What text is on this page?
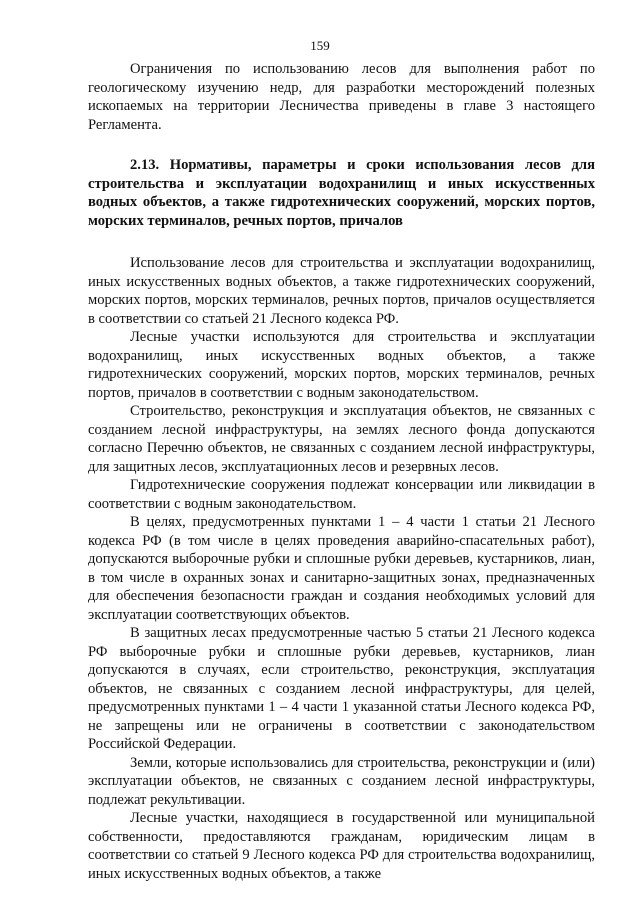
159

Ограничения по использованию лесов для выполнения работ по геологическому изучению недр, для разработки месторождений полезных ископаемых на территории Лесничества приведены в главе 3 настоящего Регламента.

2.13. Нормативы, параметры и сроки использования лесов для строительства и эксплуатации водохранилищ и иных искусственных водных объектов, а также гидротехнических сооружений, морских портов, морских терминалов, речных портов, причалов

Использование лесов для строительства и эксплуатации водохранилищ, иных искусственных водных объектов, а также гидротехнических сооружений, морских портов, морских терминалов, речных портов, причалов осуществляется в соответствии со статьей 21 Лесного кодекса РФ.

Лесные участки используются для строительства и эксплуатации водохранилищ, иных искусственных водных объектов, а также гидротехнических сооружений, морских портов, морских терминалов, речных портов, причалов в соответствии с водным законодательством.

Строительство, реконструкция и эксплуатация объектов, не связанных с созданием лесной инфраструктуры, на землях лесного фонда допускаются согласно Перечню объектов, не связанных с созданием лесной инфраструктуры, для защитных лесов, эксплуатационных лесов и резервных лесов.

Гидротехнические сооружения подлежат консервации или ликвидации в соответствии с водным законодательством.

В целях, предусмотренных пунктами 1 – 4 части 1 статьи 21 Лесного кодекса РФ (в том числе в целях проведения аварийно-спасательных работ), допускаются выборочные рубки и сплошные рубки деревьев, кустарников, лиан, в том числе в охранных зонах и санитарно-защитных зонах, предназначенных для обеспечения безопасности граждан и создания необходимых условий для эксплуатации соответствующих объектов.

В защитных лесах предусмотренные частью 5 статьи 21 Лесного кодекса РФ выборочные рубки и сплошные рубки деревьев, кустарников, лиан допускаются в случаях, если строительство, реконструкция, эксплуатация объектов, не связанных с созданием лесной инфраструктуры, для целей, предусмотренных пунктами 1 – 4 части 1 указанной статьи Лесного кодекса РФ, не запрещены или не ограничены в соответствии с законодательством Российской Федерации.

Земли, которые использовались для строительства, реконструкции и (или) эксплуатации объектов, не связанных с созданием лесной инфраструктуры, подлежат рекультивации.

Лесные участки, находящиеся в государственной или муниципальной собственности, предоставляются гражданам, юридическим лицам в соответствии со статьей 9 Лесного кодекса РФ для строительства водохранилищ, иных искусственных водных объектов, а также
